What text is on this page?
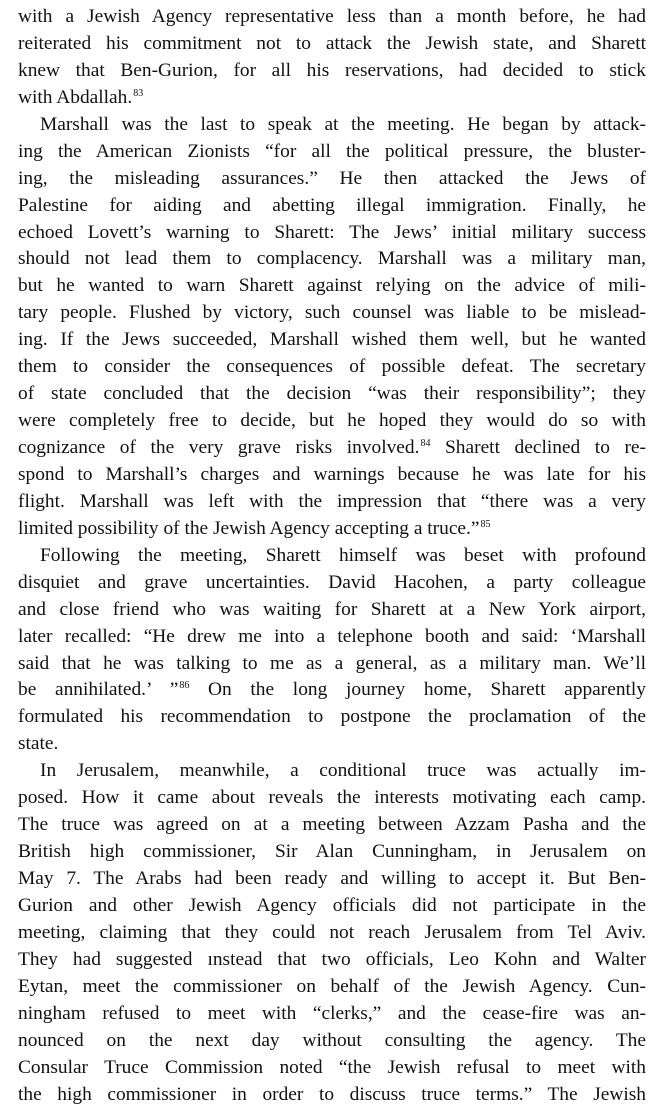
with a Jewish Agency representative less than a month before, he had
reiterated his commitment not to attack the Jewish state, and Sharett
knew that Ben-Gurion, for all his reservations, had decided to stick
with Abdallah.$^{83}$
Marshall was the last to speak at the meeting. He began by attack-
ing the American Zionists “for all the political pressure, the bluster-
ing, the misleading assurances.” He then attacked the Jews of
Palestine for aiding and abetting illegal immigration. Finally, he
echoed Lovett’s warning to Sharett: The Jews’ initial military success
should not lead them to complacency. Marshall was a military man,
but he wanted to warn Sharett against relying on the advice of mili-
tary people. Flushed by victory, such counsel was liable to be mislead-
ing. If the Jews succeeded, Marshall wished them well, but he wanted
them to consider the consequences of possible defeat. The secretary
of state concluded that the decision “was their responsibility”; they
were completely free to decide, but he hoped they would do so with
cognizance of the very grave risks involved.$^{84}$ Sharett declined to re-
spond to Marshall’s charges and warnings because he was late for his
flight. Marshall was left with the impression that “there was a very
limited possibility of the Jewish Agency accepting a truce.”$^{85}$
Following the meeting, Sharett himself was beset with profound
disquiet and grave uncertainties. David Hacohen, a party colleague
and close friend who was waiting for Sharett at a New York airport,
later recalled: “He drew me into a telephone booth and said: ‘Marshall
said that he was talking to me as a general, as a military man. We’ll
be annihilated.’ ”$^{86}$ On the long journey home, Sharett apparently
formulated his recommendation to postpone the proclamation of the
state.
In Jerusalem, meanwhile, a conditional truce was actually im-
posed. How it came about reveals the interests motivating each camp.
The truce was agreed on at a meeting between Azzam Pasha and the
British high commissioner, Sir Alan Cunningham, in Jerusalem on
May 7. The Arabs had been ready and willing to accept it. But Ben-
Gurion and other Jewish Agency officials did not participate in the
meeting, claiming that they could not reach Jerusalem from Tel Aviv.
They had suggested ınstead that two officials, Leo Kohn and Walter
Eytan, meet the commissioner on behalf of the Jewish Agency. Cun-
ningham refused to meet with “clerks,” and the cease-fire was an-
nounced on the next day without consulting the agency. The
Consular Truce Commission noted “the Jewish refusal to meet with
the high commissioner in order to discuss truce terms.” The Jewish
